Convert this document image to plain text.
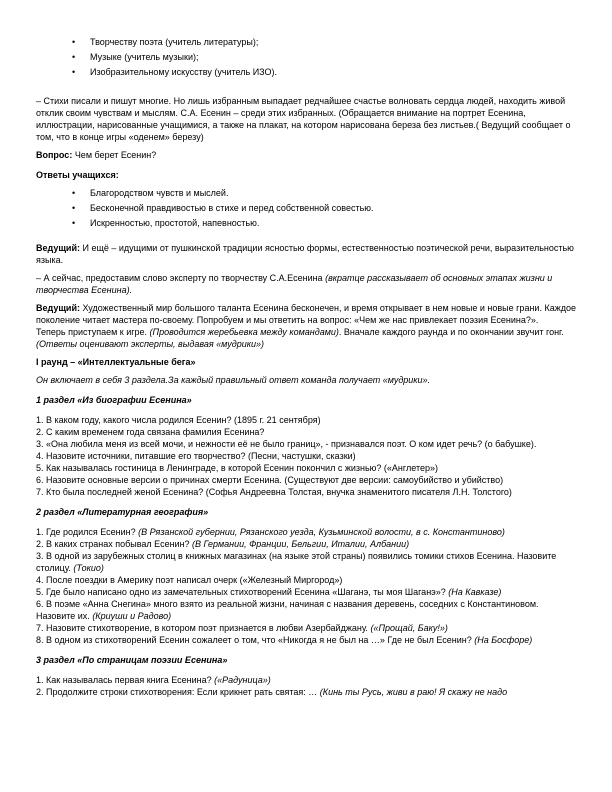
• Творчеству поэта (учитель литературы);
• Музыке (учитель музыки);
• Изобразительному искусству (учитель ИЗО).

– Стихи писали и пишут многие. Но лишь избранным выпадает редчайшее счастье волновать сердца людей, находить живой отклик своим чувствам и мыслям. С.А. Есенин – среди этих избранных. (Обращается внимание на портрет Есенина, иллюстрации, нарисованные учащимися, а также на плакат, на котором нарисована береза без листьев.( Ведущий сообщает о том, что в конце игры «оденем» березу)

Вопрос: Чем берет Есенин?

Ответы учащихся:

• Благородством чувств и мыслей.
• Бесконечной правдивостью в стихе и перед собственной совестью.
• Искренностью, простотой, напевностью.

Ведущий: И ещё – идущими от пушкинской традиции ясностью формы, естественностью поэтической речи, выразительностью языка.

– А сейчас, предоставим слово эксперту по творчеству С.А.Есенина (вкратце рассказывает об основных этапах жизни и творчества Есенина).

Ведущий: Художественный мир большого таланта Есенина бесконечен, и время открывает в нем новые и новые грани. Каждое поколение читает мастера по-своему. Попробуем и мы ответить на вопрос: «Чем же нас привлекает поэзия Есенина?».

Теперь приступаем к игре. (Проводится жеребьевка между командами). Вначале каждого раунда и по окончании звучит гонг. (Ответы оценивают эксперты, выдавая «мудрики»)

I раунд – «Интеллектуальные бега»

Он включает в себя 3 раздела.За каждый правильный ответ команда получает «мудрики».

1 раздел «Из биографии Есенина»

1. В каком году, какого числа родился Есенин? (1895 г. 21 сентября)

2. С каким временем года связана фамилия Есенина?

3. «Она любила меня из всей мочи, и нежности её не было границ», - признавался поэт. О ком идет речь? (о бабушке).

4. Назовите источники, питавшие его творчество? (Песни, частушки, сказки)

5. Как называлась гостиница в Ленинграде, в которой Есенин покончил с жизнью? («Англетер»)

6. Назовите основные версии о причинах смерти Есенина. (Существуют две версии: самоубийство и убийство)

7. Кто была последней женой Есенина? (Софья Андреевна Толстая, внучка знаменитого писателя Л.Н. Толстого)

2 раздел «Литературная география»

1. Где родился Есенин? (В Рязанской губернии, Рязанского уезда, Кузьминской волости, в с. Константиново)

2. В каких странах побывал Есенин? (В Германии, Франции, Бельгии, Италии, Албании)

3. В одной из зарубежных столиц в книжных магазинах (на языке этой страны) появились томики стихов Есенина. Назовите столицу. (Токио)

4. После поездки в Америку поэт написал очерк («Железный Миргород»)

5. Где было написано одно из замечательных стихотворений Есенина «Шаганэ, ты моя Шаганэ»? (На Кавказе)

6. В поэме «Анна Снегина» много взято из реальной жизни, начиная с названия деревень, соседних с Константиновом. Назовите их. (Криуши и Радово)

7. Назовите стихотворение, в котором поэт признается в любви Азербайджану. («Прощай, Баку!»)

8. В одном из стихотворений Есенин сожалеет о том, что «Никогда я не был на …» Где не был Есенин? (На Босфоре)

3 раздел «По страницам поэзии Есенина»

1. Как называлась первая книга Есенина? («Радуница»)

2. Продолжите строки стихотворения: Если крикнет рать святая: … (Кинь ты Русь, живи в раю! Я скажу не надо
